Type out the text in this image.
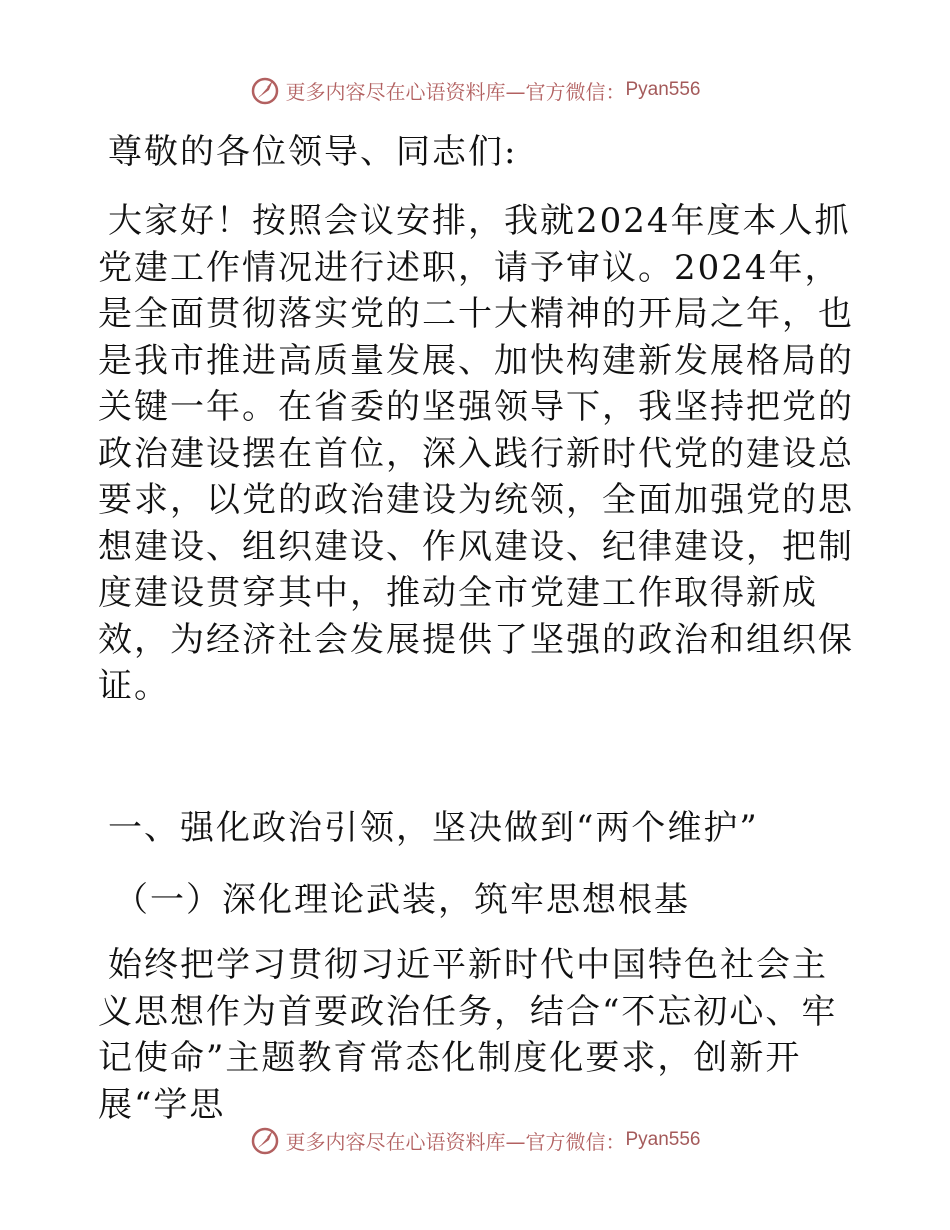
更多内容尽在心语资料库—官方微信： Pyan556
尊敬的各位领导、同志们:

大家好！按照会议安排，我就2024年度本人抓党建工作情况进行述职，请予审议。2024年，是全面贯彻落实党的二十大精神的开局之年，也是我市推进高质量发展、加快构建新发展格局的关键一年。在省委的坚强领导下，我坚持把党的政治建设摆在首位，深入践行新时代党的建设总要求，以党的政治建设为统领，全面加强党的思想建设、组织建设、作风建设、纪律建设，把制度建设贯穿其中，推动全市党建工作取得新成效，为经济社会发展提供了坚强的政治和组织保证。

一、强化政治引领，坚决做到“两个维护”
（一）深化理论武装，筑牢思想根基

始终把学习贯彻习近平新时代中国特色社会主义思想作为首要政治任务，结合“不忘初心、牢记使命”主题教育常态化制度化要求，创新开展“学思

更多内容尽在心语资料库—官方微信： Pyan556
